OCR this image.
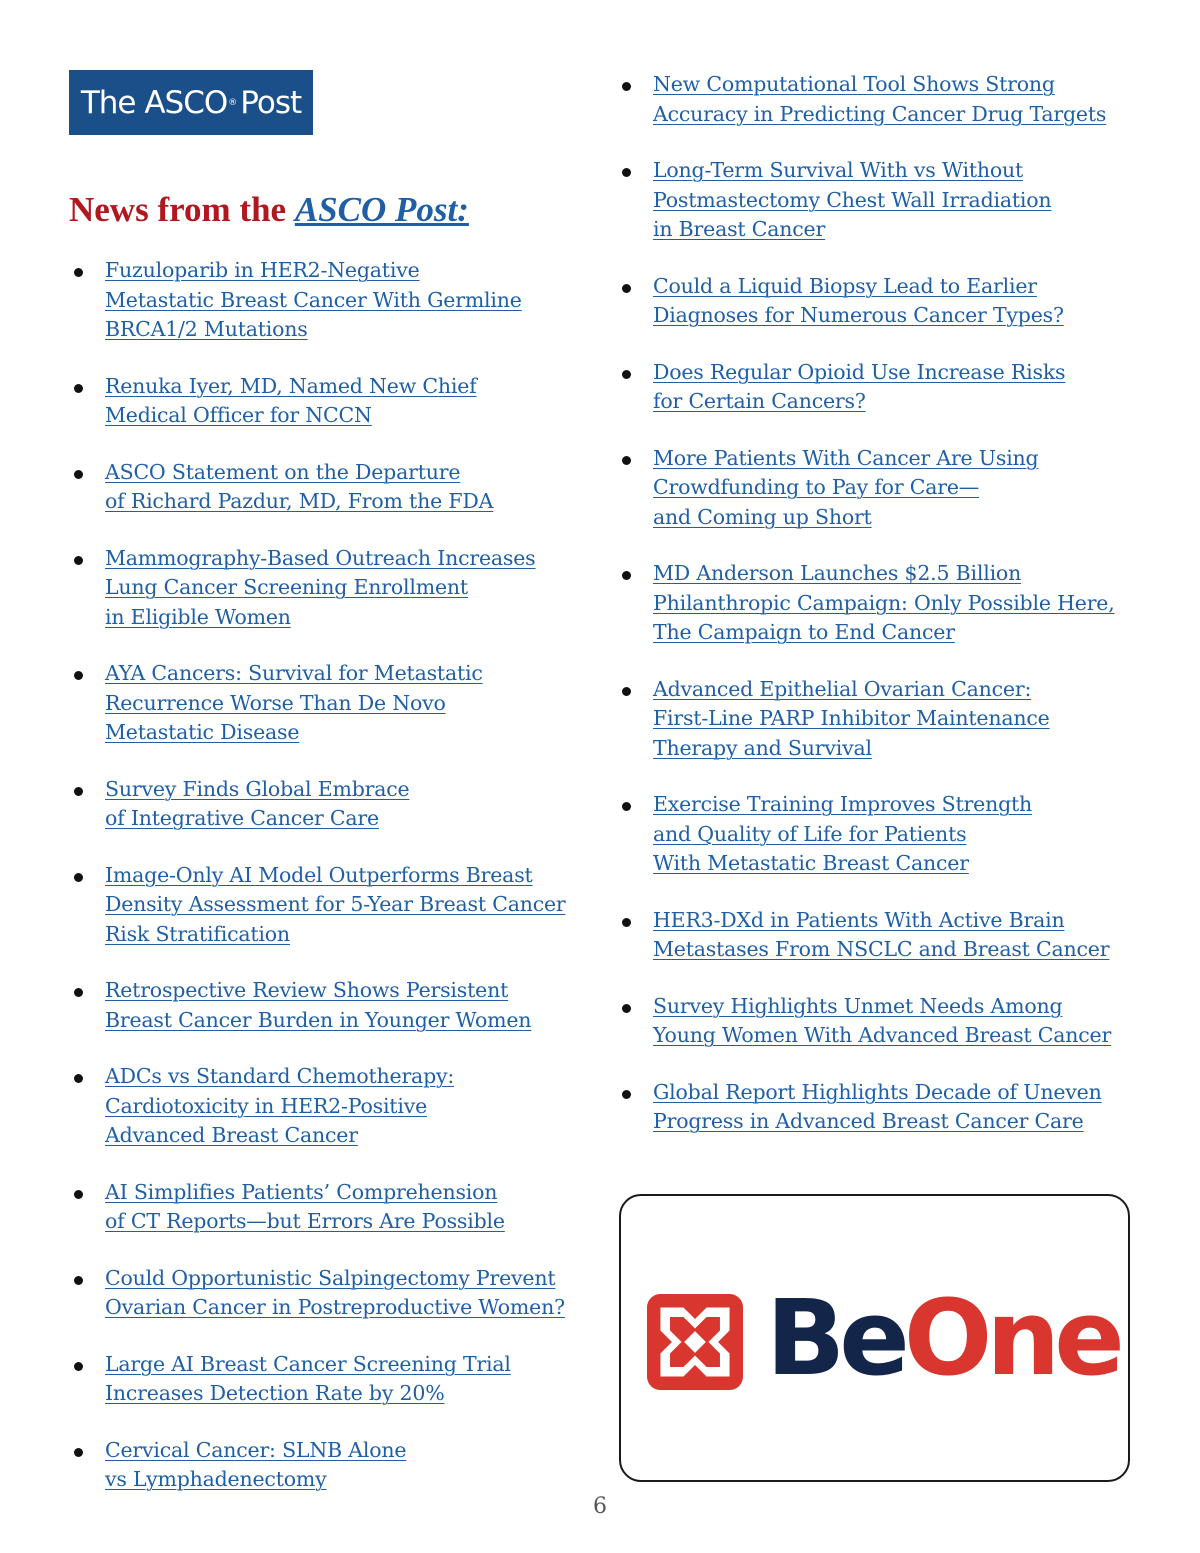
The ASCO ® Post
News from the ASCO Post:
Fuzuloparib in HER2-Negative
Metastatic Breast Cancer With Germline
BRCA1/2 Mutations
Renuka Iyer, MD, Named New Chief
Medical Officer for NCCN
ASCO Statement on the Departure
of Richard Pazdur, MD, From the FDA
Mammography-Based Outreach Increases
Lung Cancer Screening Enrollment
in Eligible Women
AYA Cancers: Survival for Metastatic
Recurrence Worse Than De Novo
Metastatic Disease
Survey Finds Global Embrace
of Integrative Cancer Care
Image-Only AI Model Outperforms Breast
Density Assessment for 5-Year Breast Cancer
Risk Stratification
Retrospective Review Shows Persistent
Breast Cancer Burden in Younger Women
ADCs vs Standard Chemotherapy:
Cardiotoxicity in HER2-Positive
Advanced Breast Cancer
AI Simplifies Patients’ Comprehension
of CT Reports—but Errors Are Possible
Could Opportunistic Salpingectomy Prevent
Ovarian Cancer in Postreproductive Women?
Large AI Breast Cancer Screening Trial
Increases Detection Rate by 20%
Cervical Cancer: SLNB Alone
vs Lymphadenectomy
New Computational Tool Shows Strong
Accuracy in Predicting Cancer Drug Targets
Long-Term Survival With vs Without
Postmastectomy Chest Wall Irradiation
in Breast Cancer
Could a Liquid Biopsy Lead to Earlier
Diagnoses for Numerous Cancer Types?
Does Regular Opioid Use Increase Risks
for Certain Cancers?
More Patients With Cancer Are Using
Crowdfunding to Pay for Care—
and Coming up Short
MD Anderson Launches $2.5 Billion
Philanthropic Campaign: Only Possible Here,
The Campaign to End Cancer
Advanced Epithelial Ovarian Cancer:
First-Line PARP Inhibitor Maintenance
Therapy and Survival
Exercise Training Improves Strength
and Quality of Life for Patients
With Metastatic Breast Cancer
HER3-DXd in Patients With Active Brain
Metastases From NSCLC and Breast Cancer
Survey Highlights Unmet Needs Among
Young Women With Advanced Breast Cancer
Global Report Highlights Decade of Uneven
Progress in Advanced Breast Cancer Care
BeOne
6
